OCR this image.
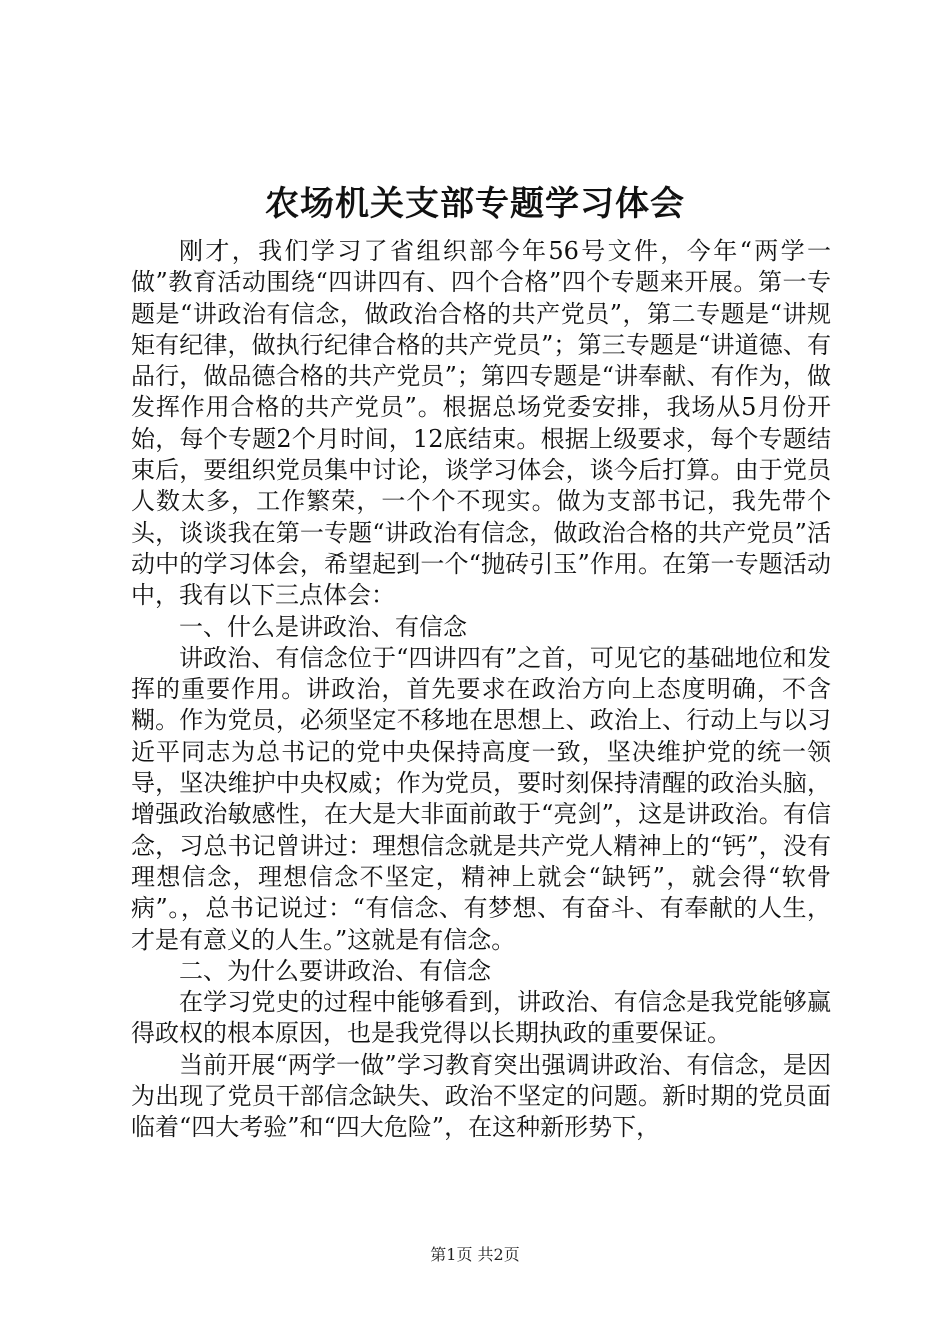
农场机关支部专题学习体会

刚才，我们学习了省组织部今年56号文件，今年“两学一做”教育活动围绕“四讲四有、四个合格”四个专题来开展。第一专题是“讲政治有信念，做政治合格的共产党员”，第二专题是“讲规矩有纪律，做执行纪律合格的共产党员”；第三专题是“讲道德、有品行，做品德合格的共产党员”；第四专题是“讲奉献、有作为，做发挥作用合格的共产党员”。根据总场党委安排，我场从5月份开始，每个专题2个月时间，12底结束。根据上级要求，每个专题结束后，要组织党员集中讨论，谈学习体会，谈今后打算。由于党员人数太多，工作繁荣，一个个不现实。做为支部书记，我先带个头，谈谈我在第一专题“讲政治有信念，做政治合格的共产党员”活动中的学习体会，希望起到一个“抛砖引玉”作用。在第一专题活动中，我有以下三点体会：

一、什么是讲政治、有信念

讲政治、有信念位于“四讲四有”之首，可见它的基础地位和发挥的重要作用。讲政治，首先要求在政治方向上态度明确，不含糊。作为党员，必须坚定不移地在思想上、政治上、行动上与以习近平同志为总书记的党中央保持高度一致，坚决维护党的统一领导，坚决维护中央权威；作为党员，要时刻保持清醒的政治头脑，增强政治敏感性，在大是大非面前敢于“亮剑”，这是讲政治。有信念，习总书记曾讲过：理想信念就是共产党人精神上的“钙”，没有理想信念，理想信念不坚定，精神上就会“缺钙”，就会得“软骨病”。，总书记说过：“有信念、有梦想、有奋斗、有奉献的人生，才是有意义的人生。”这就是有信念。

二、为什么要讲政治、有信念

在学习党史的过程中能够看到，讲政治、有信念是我党能够赢得政权的根本原因，也是我党得以长期执政的重要保证。

当前开展“两学一做”学习教育突出强调讲政治、有信念，是因为出现了党员干部信念缺失、政治不坚定的问题。新时期的党员面临着“四大考验”和“四大危险”，在这种新形势下，

第1页 共2页
